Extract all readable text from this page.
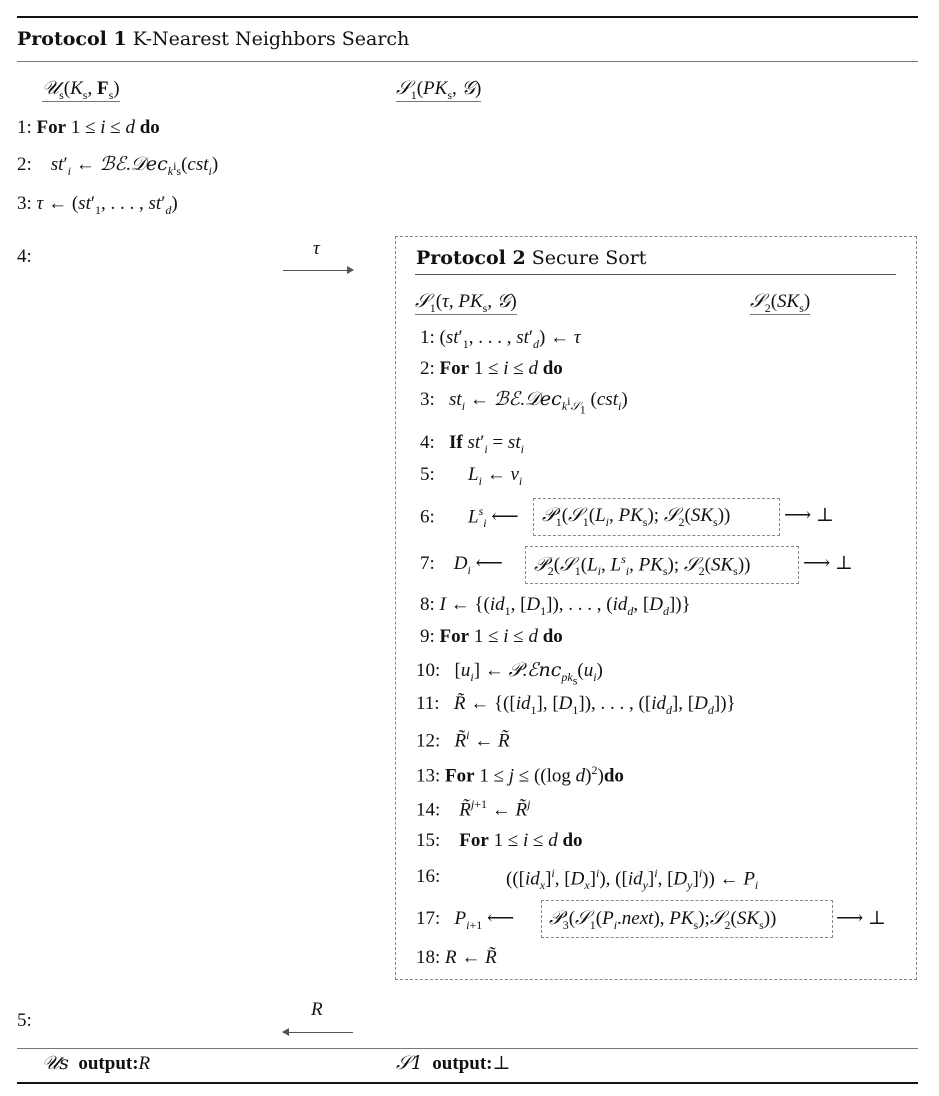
Protocol 1 K-Nearest Neighbors Search
$𝒰_s(K_s$, $F_s$)	$𝒮_1(PK_s$, 𝒢)
1: For 1 ≤ i ≤ d do
2: $st'_i$ ← ℬℰ.𝒟ec$_{k^is}$(cst$_i$)
3: τ ← ($st'_1$, . . . , $st'_d$)
4:	τ	Protocol 2 Secure Sort
𝒮$_1$(τ, $PK_s$, 𝒢)	$𝒮_2(SK_s)$
1: ($st'_1$, . . . , $st'_d$) ← τ
2: For 1 ≤ i ≤ d do
3: $st_i$ ← ℬℰ.𝒟ec$_{k^i𝒮_1}$ (cst$_i$)
4: If $st'_i = st_i$
5: $L_i$ ← $v_i$
6: $L^s_i$ ⟵ $𝒫_1(𝒮_1(L_i$, $PK_s$); $𝒮_2(SK_s)$)	⟶ ⊥
7: $D_i$ ⟵ $𝒫_2(𝒮_1(L_i$, $L^s_i$, $PK_s$); $𝒮_2(SK_s)$)	⟶ ⊥
8: I ← {($id_1$, $[D_1]$), . . . , ($id_d$, $[D_d]$)}
9: For 1 ≤ i ≤ d do
10:   $[u_i]$ ← $𝒫.ℰnc_{pk_s}(u_i)$
11: R̃ ← {($[id_1]$, $[D_1]$), . . . , ($[id_d]$, $[D_d]$)}
12: R̃$^i$ ← R̃
13: For 1 ≤ j ≤ ((log d)$^2$)do
14: R̃$^{j+1}$ ← R̃$^j$
15: For 1 ≤ i ≤ d do
16:	(($[id_x]^i$, $[D_x]^i$), ($[id_y]^i$, $[D_y]^i$)) ← $P_i$
17: $P_{i+1}$ ⟵ $𝒫_3(𝒮_1(P_i.next)$, $PK_s);𝒮_2(SK_s)$)	⟶ ⊥
18: R ← R̃
5:
R
𝒰s output:R	𝒮1 output:⊥
